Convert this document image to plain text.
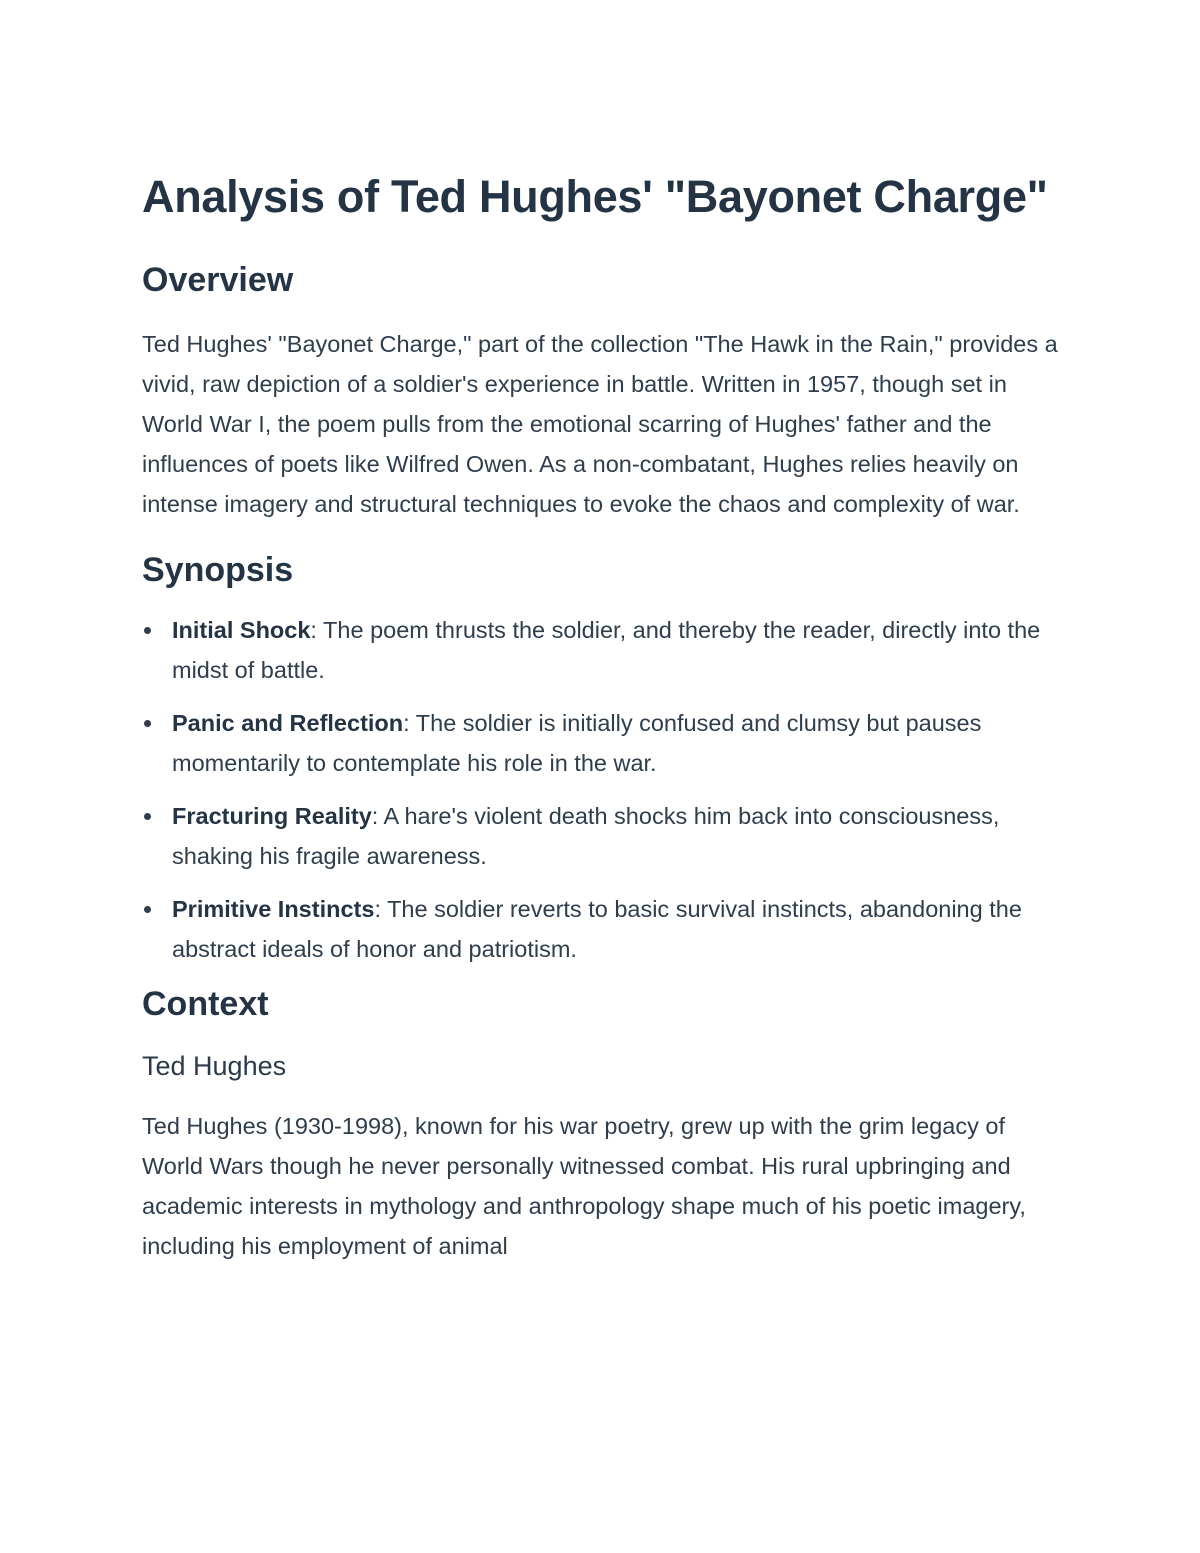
Analysis of Ted Hughes' "Bayonet Charge"
Overview

Ted Hughes' "Bayonet Charge," part of the collection "The Hawk in the Rain," provides a vivid, raw depiction of a soldier's experience in battle. Written in 1957, though set in World War I, the poem pulls from the emotional scarring of Hughes' father and the influences of poets like Wilfred Owen. As a non-combatant, Hughes relies heavily on intense imagery and structural techniques to evoke the chaos and complexity of war.

Synopsis
Initial Shock: The poem thrusts the soldier, and thereby the reader, directly into the midst of battle.
Panic and Reflection: The soldier is initially confused and clumsy but pauses momentarily to contemplate his role in the war.
Fracturing Reality: A hare's violent death shocks him back into consciousness, shaking his fragile awareness.
Primitive Instincts: The soldier reverts to basic survival instincts, abandoning the abstract ideals of honor and patriotism.
Context
Ted Hughes

Ted Hughes (1930-1998), known for his war poetry, grew up with the grim legacy of World Wars though he never personally witnessed combat. His rural upbringing and academic interests in mythology and anthropology shape much of his poetic imagery, including his employment of animal
